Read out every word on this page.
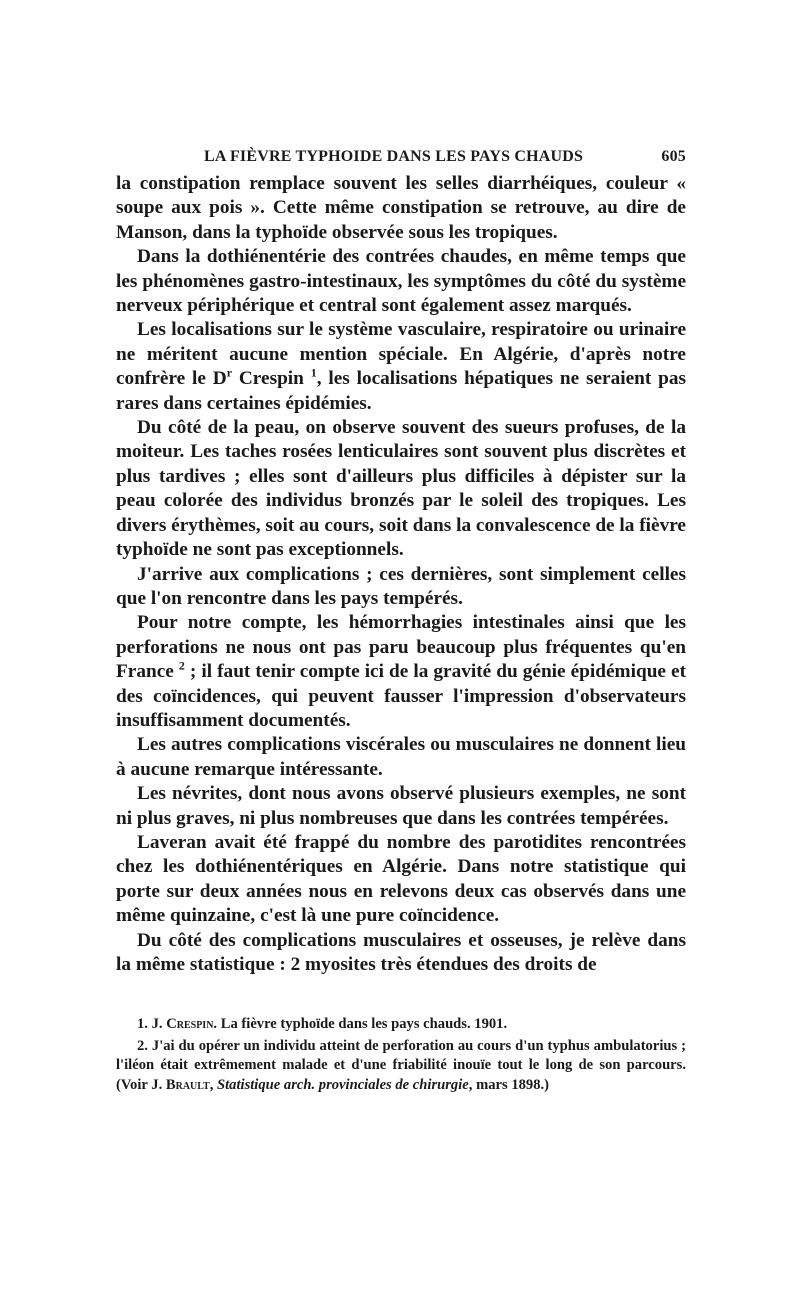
LA FIÈVRE TYPHOIDE DANS LES PAYS CHAUDS	605

la constipation remplace souvent les selles diarrhéiques, couleur « soupe aux pois ». Cette même constipation se retrouve, au dire de Manson, dans la typhoïde observée sous les tropiques.

Dans la dothiénentérie des contrées chaudes, en même temps que les phénomènes gastro-intestinaux, les symptômes du côté du système nerveux périphérique et central sont également assez marqués.

Les localisations sur le système vasculaire, respiratoire ou urinaire ne méritent aucune mention spéciale. En Algérie, d'après notre confrère le $D^r$ Crespin $^1$, les localisations hépatiques ne seraient pas rares dans certaines épidémies.

Du côté de la peau, on observe souvent des sueurs profuses, de la moiteur. Les taches rosées lenticulaires sont souvent plus discrètes et plus tardives ; elles sont d'ailleurs plus difficiles à dépister sur la peau colorée des individus bronzés par le soleil des tropiques. Les divers érythèmes, soit au cours, soit dans la convalescence de la fièvre typhoïde ne sont pas exceptionnels.

J'arrive aux complications ; ces dernières, sont simplement celles que l'on rencontre dans les pays tempérés.

Pour notre compte, les hémorrhagies intestinales ainsi que les perforations ne nous ont pas paru beaucoup plus fréquentes qu'en France $^2$ ; il faut tenir compte ici de la gravité du génie épidémique et des coïncidences, qui peuvent fausser l'impression d'observateurs insuffisamment documentés.

Les autres complications viscérales ou musculaires ne donnent lieu à aucune remarque intéressante.

Les névrites, dont nous avons observé plusieurs exemples, ne sont ni plus graves, ni plus nombreuses que dans les contrées tempérées.

Laveran avait été frappé du nombre des parotidites rencontrées chez les dothiénentériques en Algérie. Dans notre statistique qui porte sur deux années nous en relevons deux cas observés dans une même quinzaine, c'est là une pure coïncidence.

Du côté des complications musculaires et osseuses, je relève dans la même statistique : 2 myosites très étendues des droits de

1. J. Crespin. La fièvre typhoïde dans les pays chauds. 1901.

2. J'ai du opérer un individu atteint de perforation au cours d'un typhus ambulatorius ; l'iléon était extrêmement malade et d'une friabilité inouïe tout le long de son parcours. (Voir J. Brault, Statistique arch. provinciales de chirurgie, mars 1898.)
